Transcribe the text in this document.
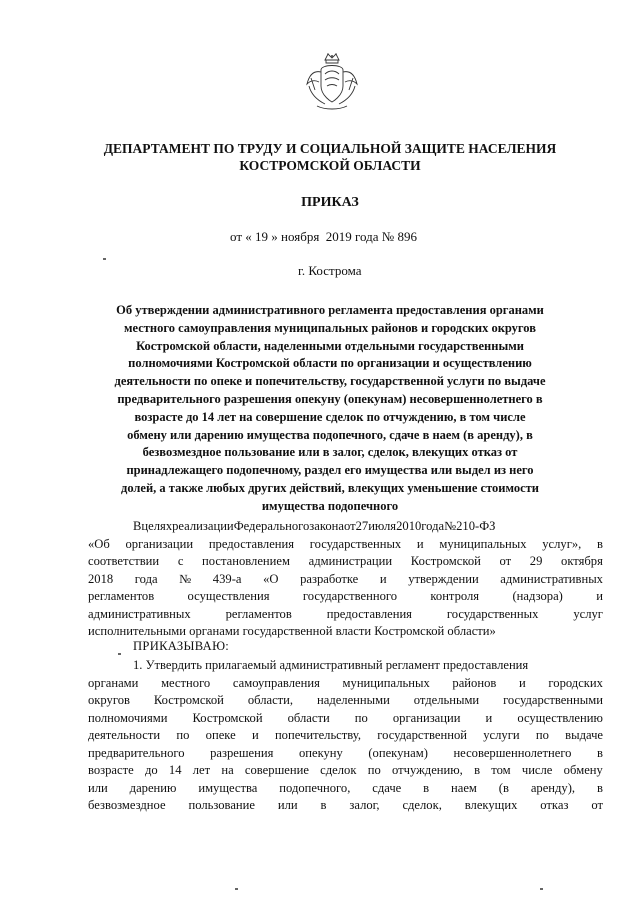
ДЕПАРТАМЕНТ ПО ТРУДУ И СОЦИАЛЬНОЙ ЗАЩИТЕ НАСЕЛЕНИЯ
КОСТРОМСКОЙ ОБЛАСТИ
ПРИКАЗ
от « 19 » ноября  2019 года № 896
г. Кострома
Об утверждении административного регламента предоставления органами
местного самоуправления муниципальных районов и городских округов
Костромской области, наделенными отдельными государственными
полномочиями Костромской области по организации и осуществлению
деятельности по опеке и попечительству, государственной услуги по выдаче
предварительного разрешения опекуну (опекунам) несовершеннолетнего в
возрасте до 14 лет на совершение сделок по отчуждению, в том числе
обмену или дарению имущества подопечного, сдаче в наем (в аренду), в
безвозмездное пользование или в залог, сделок, влекущих отказ от
принадлежащего подопечному, раздел его имущества или выдел из него
долей, а также любых других действий, влекущих уменьшение стоимости
имущества подопечного
В целях реализации Федерального закона от 27 июля 2010 года № 210-ФЗ
«Об организации предоставления государственных и муниципальных услуг», в
соответствии с постановлением администрации Костромской от 29 октября
2018 года № 439-а «О разработке и утверждении административных
регламентов	осуществления	государственного	контроля	(надзора)	и
административных	регламентов	предоставления	государственных	услуг
исполнительными органами государственной власти Костромской области»
ПРИКАЗЫВАЮ:
1. Утвердить прилагаемый административный регламент предоставления
органами местного самоуправления муниципальных районов и городских
округов Костромской области, наделенными отдельными государственными
полномочиями Костромской области по организации и осуществлению
деятельности по опеке и попечительству, государственной услуги по выдаче
предварительного разрешения опекуну (опекунам) несовершеннолетнего в
возрасте до 14 лет на совершение сделок по отчуждению, в том числе обмену
или дарению имущества подопечного, сдаче в наем (в аренду), в
безвозмездное пользование или в залог, сделок, влекущих отказ от
